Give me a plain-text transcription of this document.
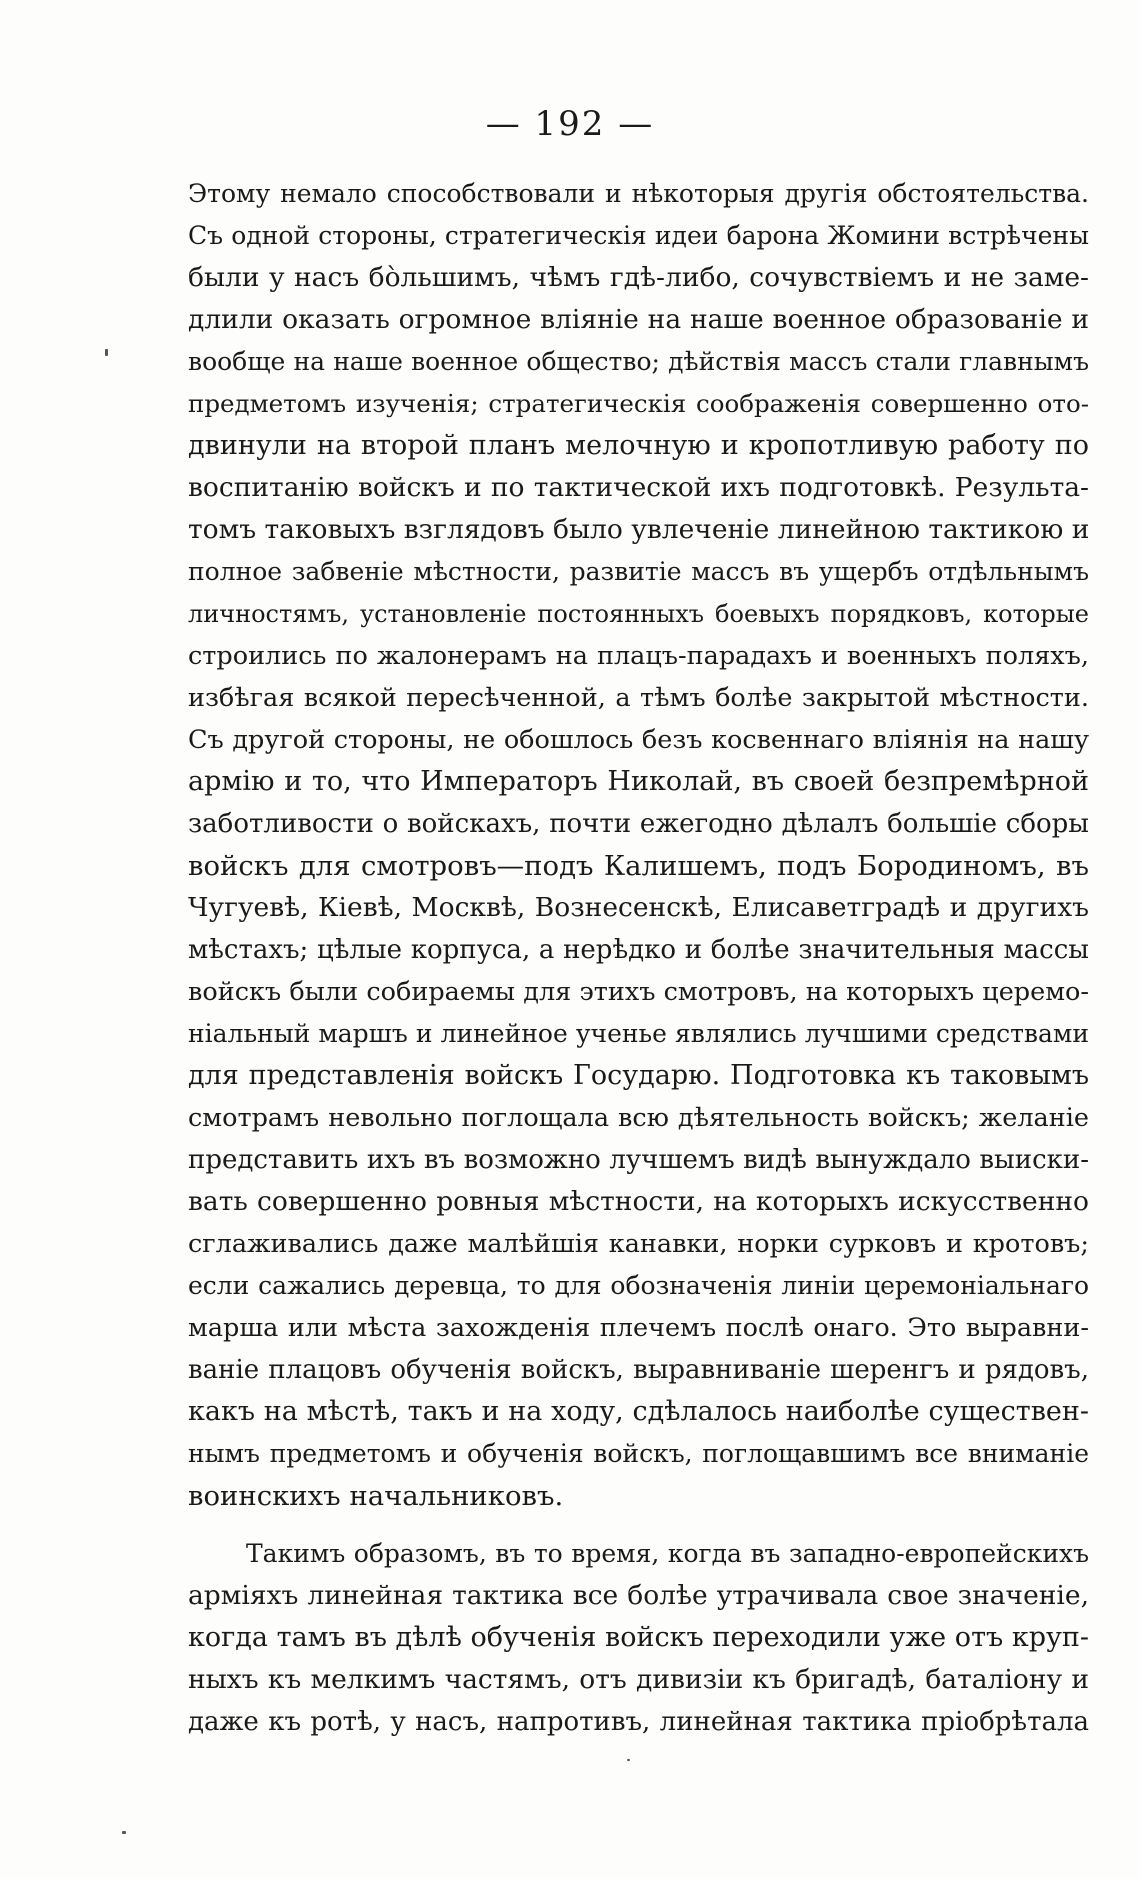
— 192 —
Этому немало способствовали и нѣкоторыя другія обстоятельства.
Съ одной стороны, стратегическія идеи барона Жомини встрѣчены
были у насъ бо̀льшимъ, чѣмъ гдѣ-либо, сочувствіемъ и не заме-
длили оказать огромное вліяніе на наше военное образованіе и
вообще на наше военное общество; дѣйствія массъ стали главнымъ
предметомъ изученія; стратегическія соображенія совершенно ото-
двинули на второй планъ мелочную и кропотливую работу по
воспитанію войскъ и по тактической ихъ подготовкѣ. Результа-
томъ таковыхъ взглядовъ было увлеченіе линейною тактикою и
полное забвеніе мѣстности, развитіе массъ въ ущербъ отдѣльнымъ
личностямъ, установленіе постоянныхъ боевыхъ порядковъ, которые
строились по жалонерамъ на плацъ-парадахъ и военныхъ поляхъ,
избѣгая всякой пересѣченной, а тѣмъ болѣе закрытой мѣстности.
Съ другой стороны, не обошлось безъ косвеннаго вліянія на нашу
армію и то, что Императоръ Николай, въ своей безпремѣрной
заботливости о войскахъ, почти ежегодно дѣлалъ большіе сборы
войскъ для смотровъ—подъ Калишемъ, подъ Бородиномъ, въ
Чугуевѣ, Кіевѣ, Москвѣ, Вознесенскѣ, Елисаветградѣ и другихъ
мѣстахъ; цѣлые корпуса, а нерѣдко и болѣе значительныя массы
войскъ были собираемы для этихъ смотровъ, на которыхъ церемо-
ніальный маршъ и линейное ученье являлись лучшими средствами
для представленія войскъ Государю. Подготовка къ таковымъ
смотрамъ невольно поглощала всю дѣятельность войскъ; желаніе
представить ихъ въ возможно лучшемъ видѣ вынуждало выиски-
вать совершенно ровныя мѣстности, на которыхъ искусственно
сглаживались даже малѣйшія канавки, норки сурковъ и кротовъ;
если сажались деревца, то для обозначенія линіи церемоніальнаго
марша или мѣста захожденія плечемъ послѣ онаго. Это выравни-
ваніе плацовъ обученія войскъ, выравниваніе шеренгъ и рядовъ,
какъ на мѣстѣ, такъ и на ходу, сдѣлалось наиболѣе существен-
нымъ предметомъ и обученія войскъ, поглощавшимъ все вниманіе
воинскихъ начальниковъ.
Такимъ образомъ, въ то время, когда въ западно-европейскихъ
арміяхъ линейная тактика все болѣе утрачивала свое значеніе,
когда тамъ въ дѣлѣ обученія войскъ переходили уже отъ круп-
ныхъ къ мелкимъ частямъ, отъ дивизіи къ бригадѣ, баталіону и
даже къ ротѣ, у насъ, напротивъ, линейная тактика пріобрѣтала
